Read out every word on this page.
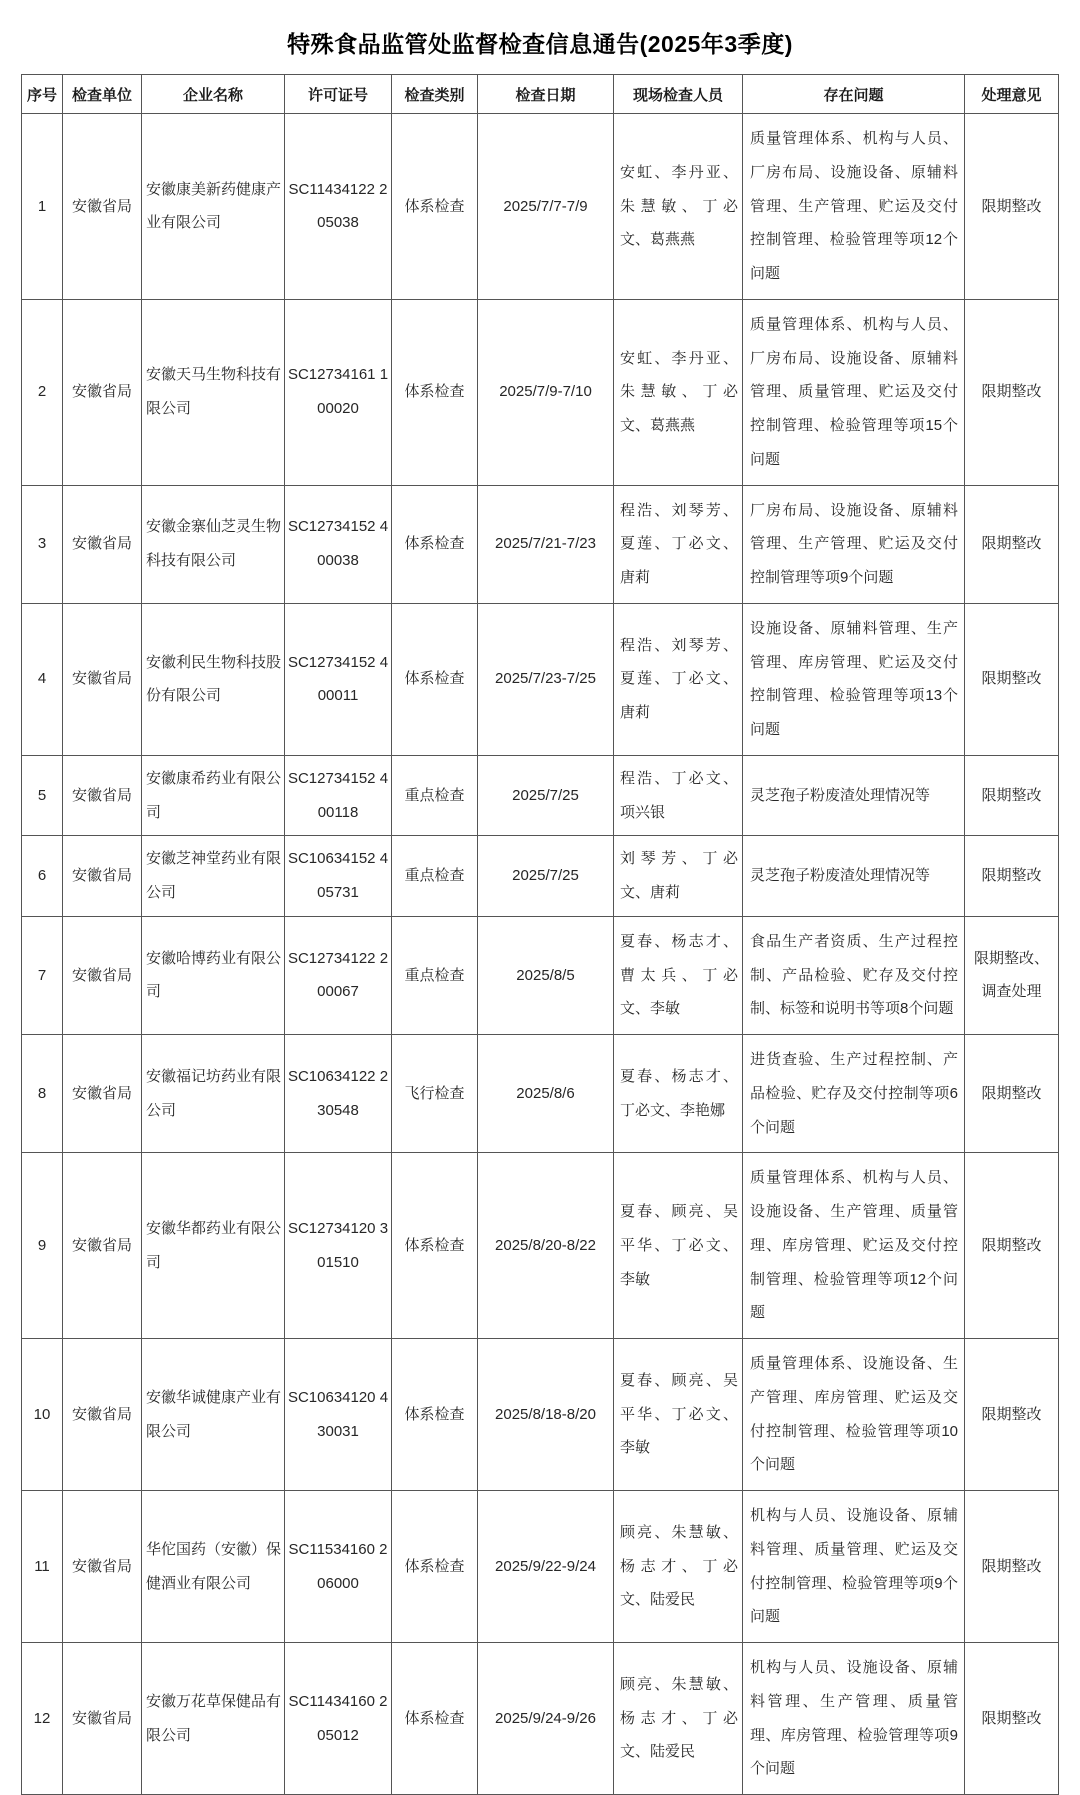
特殊食品监管处监督检查信息通告(2025年3季度)
序号	检查单位	企业名称	许可证号	检查类别	检查日期	现场检查人员	存在问题	处理意见
1	安徽省局	安徽康美新药健康产业有限公司	SC11434122 205038	体系检查	2025/7/7-7/9	安虹、李丹亚、朱慧敏、丁必文、葛燕燕	质量管理体系、机构与人员、厂房布局、设施设备、原辅料管理、生产管理、贮运及交付控制管理、检验管理等项12个问题	限期整改
2	安徽省局	安徽天马生物科技有限公司	SC12734161 100020	体系检查	2025/7/9-7/10	安虹、李丹亚、朱慧敏、丁必文、葛燕燕	质量管理体系、机构与人员、厂房布局、设施设备、原辅料管理、质量管理、贮运及交付控制管理、检验管理等项15个问题	限期整改
3	安徽省局	安徽金寨仙芝灵生物科技有限公司	SC12734152 400038	体系检查	2025/7/21-7/23	程浩、刘琴芳、夏莲、丁必文、唐莉	厂房布局、设施设备、原辅料管理、生产管理、贮运及交付控制管理等项9个问题	限期整改
4	安徽省局	安徽利民生物科技股份有限公司	SC12734152 400011	体系检查	2025/7/23-7/25	程浩、刘琴芳、夏莲、丁必文、唐莉	设施设备、原辅料管理、生产管理、库房管理、贮运及交付控制管理、检验管理等项13个问题	限期整改
5	安徽省局	安徽康希药业有限公司	SC12734152 400118	重点检查	2025/7/25	程浩、丁必文、项兴银	灵芝孢子粉废渣处理情况等	限期整改
6	安徽省局	安徽芝神堂药业有限公司	SC10634152 405731	重点检查	2025/7/25	刘琴芳、丁必文、唐莉	灵芝孢子粉废渣处理情况等	限期整改
7	安徽省局	安徽哈博药业有限公司	SC12734122 200067	重点检查	2025/8/5	夏春、杨志才、曹太兵、丁必文、李敏	食品生产者资质、生产过程控制、产品检验、贮存及交付控制、标签和说明书等项8个问题	限期整改、调查处理
8	安徽省局	安徽福记坊药业有限公司	SC10634122 230548	飞行检查	2025/8/6	夏春、杨志才、丁必文、李艳娜	进货查验、生产过程控制、产品检验、贮存及交付控制等项6个问题	限期整改
9	安徽省局	安徽华都药业有限公司	SC12734120 301510	体系检查	2025/8/20-8/22	夏春、顾亮、吴平华、丁必文、李敏	质量管理体系、机构与人员、设施设备、生产管理、质量管理、库房管理、贮运及交付控制管理、检验管理等项12个问题	限期整改
10	安徽省局	安徽华诚健康产业有限公司	SC10634120 430031	体系检查	2025/8/18-8/20	夏春、顾亮、吴平华、丁必文、李敏	质量管理体系、设施设备、生产管理、库房管理、贮运及交付控制管理、检验管理等项10个问题	限期整改
11	安徽省局	华佗国药（安徽）保健酒业有限公司	SC11534160 206000	体系检查	2025/9/22-9/24	顾亮、朱慧敏、杨志才、丁必文、陆爱民	机构与人员、设施设备、原辅料管理、质量管理、贮运及交付控制管理、检验管理等项9个问题	限期整改
12	安徽省局	安徽万花草保健品有限公司	SC11434160 205012	体系检查	2025/9/24-9/26	顾亮、朱慧敏、杨志才、丁必文、陆爱民	机构与人员、设施设备、原辅料管理、生产管理、质量管理、库房管理、检验管理等项9个问题	限期整改
